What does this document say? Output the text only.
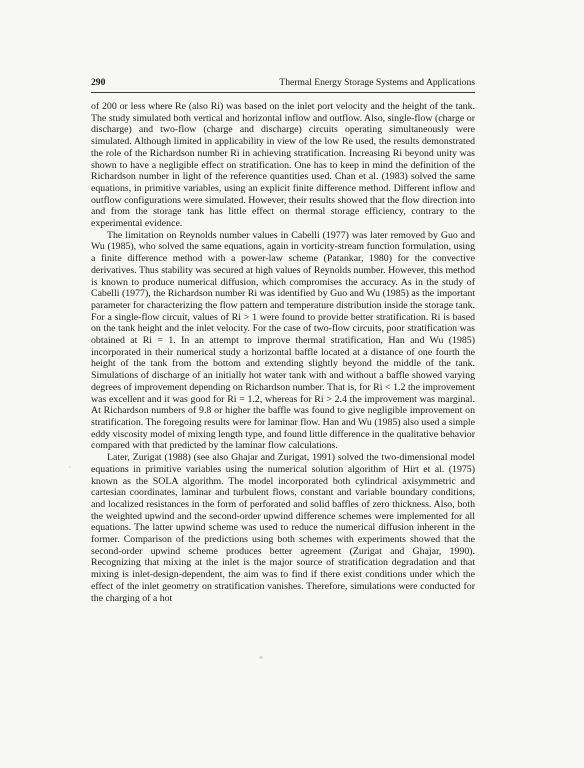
290	Thermal Energy Storage Systems and Applications

of 200 or less where Re (also Ri) was based on the inlet port velocity and the height of the tank. The study simulated both vertical and horizontal inflow and outflow. Also, single-flow (charge or discharge) and two-flow (charge and discharge) circuits operating simultaneously were simulated. Although limited in applicability in view of the low Re used, the results demonstrated the role of the Richardson number Ri in achieving stratification. Increasing Ri beyond unity was shown to have a negligible effect on stratification. One has to keep in mind the definition of the Richardson number in light of the reference quantities used. Chan et al. (1983) solved the same equations, in primitive variables, using an explicit finite difference method. Different inflow and outflow configurations were simulated. However, their results showed that the flow direction into and from the storage tank has little effect on thermal storage efficiency, contrary to the experimental evidence.

The limitation on Reynolds number values in Cabelli (1977) was later removed by Guo and Wu (1985), who solved the same equations, again in vorticity-stream function formulation, using a finite difference method with a power-law scheme (Patankar, 1980) for the convective derivatives. Thus stability was secured at high values of Reynolds number. However, this method is known to produce numerical diffusion, which compromises the accuracy. As in the study of Cabelli (1977), the Richardson number Ri was identified by Guo and Wu (1985) as the important parameter for characterizing the flow pattern and temperature distribution inside the storage tank. For a single-flow circuit, values of Ri > 1 were found to provide better stratification. Ri is based on the tank height and the inlet velocity. For the case of two-flow circuits, poor stratification was obtained at Ri = 1. In an attempt to improve thermal stratification, Han and Wu (1985) incorporated in their numerical study a horizontal baffle located at a distance of one fourth the height of the tank from the bottom and extending slightly beyond the middle of the tank. Simulations of discharge of an initially hot water tank with and without a baffle showed varying degrees of improvement depending on Richardson number. That is, for Ri < 1.2 the improvement was excellent and it was good for Ri = 1.2, whereas for Ri > 2.4 the improvement was marginal. At Richardson numbers of 9.8 or higher the baffle was found to give negligible improvement on stratification. The foregoing results were for laminar flow. Han and Wu (1985) also used a simple eddy viscosity model of mixing length type, and found little difference in the qualitative behavior compared with that predicted by the laminar flow calculations.

Later, Zurigat (1988) (see also Ghajar and Zurigat, 1991) solved the two-dimensional model equations in primitive variables using the numerical solution algorithm of Hirt et al. (1975) known as the SOLA algorithm. The model incorporated both cylindrical axisymmetric and cartesian coordinates, laminar and turbulent flows, constant and variable boundary conditions, and localized resistances in the form of perforated and solid baffles of zero thickness. Also, both the weighted upwind and the second-order upwind difference schemes were implemented for all equations. The latter upwind scheme was used to reduce the numerical diffusion inherent in the former. Comparison of the predictions using both schemes with experiments showed that the second-order upwind scheme produces better agreement (Zurigat and Ghajar, 1990). Recognizing that mixing at the inlet is the major source of stratification degradation and that mixing is inlet-design-dependent, the aim was to find if there exist conditions under which the effect of the inlet geometry on stratification vanishes. Therefore, simulations were conducted for the charging of a hot
